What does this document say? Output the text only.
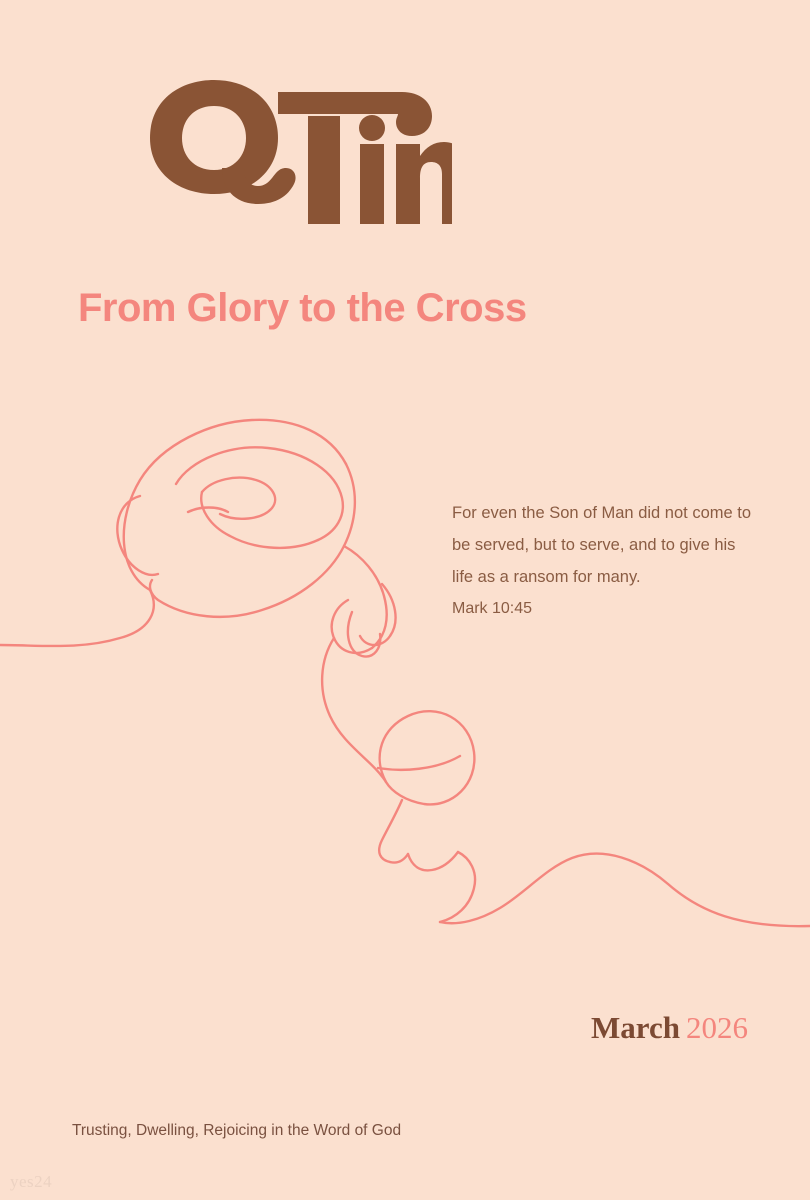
From Glory to the Cross

For even the Son of Man did not come to be served, but to serve, and to give his life as a ransom for many.

Mark 10:45
March 2026
Trusting, Dwelling, Rejoicing in the Word of God
yes24
